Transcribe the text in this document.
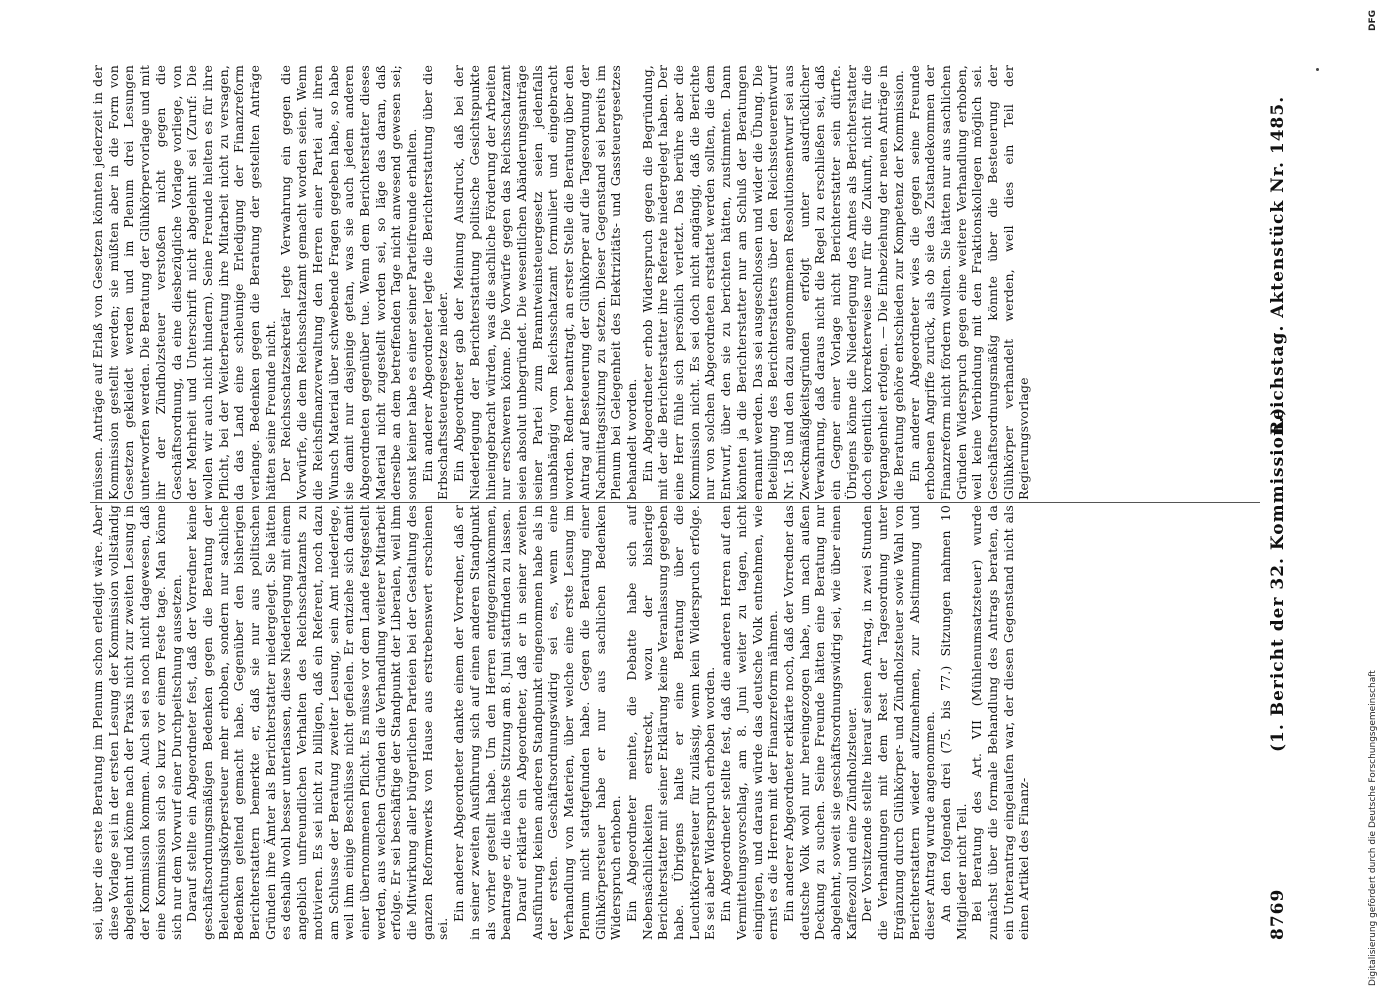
8769
(1. Bericht der 32. Kommission.)
Reichstag. Aktenstück Nr. 1485.

sei, über die erste Beratung im Plenum schon erledigt wäre. Aber diese Vorlage sei in der ersten Lesung der Kommission vollständig abgelehnt und könne nach der Praxis nicht zur zweiten Lesung in der Kommission kommen. Auch sei es noch nicht dagewesen, daß eine Kommission sich so kurz vor einem Feste tage. Man könne sich nur dem Vorwurf einer Durchpeitschung aussetzen. Darauf stellte ein Abgeordneter fest, daß der Vorredner keine geschäftsordnungsmäßigen Bedenken gegen die Beratung der Beleuchtungskörpersteuer mehr erhoben, sondern nur sachliche Bedenken geltend gemacht habe. Gegenüber den bisherigen Berichterstattern bemerkte er, daß sie nur aus politischen Gründen ihre Ämter als Berichterstatter niedergelegt. Sie hätten es deshalb wohl besser unterlassen, diese Niederlegung mit einem angeblich unfreundlichen Verhalten des Reichsschatzamts zu motivieren. Es sei nicht zu billigen, daß ein Referent, noch dazu am Schlusse der Beratung zweiter Lesung, sein Amt niederlege, weil ihm einige Beschlüsse nicht gefielen. Er entziehe sich damit einer übernommenen Pflicht. Es müsse vor dem Lande festgestellt werden, aus welchen Gründen die Verhandlung weiterer Mitarbeit erfolge. Er sei beschäftige der Standpunkt der Liberalen, weil ihm die Mitwirkung aller bürgerlichen Parteien bei der Gestaltung des ganzen Reformwerks von Hause aus erstrebenswert erschienen sei.

Ein anderer Abgeordneter dankte einem der Vorredner, daß er in seiner zweiten Ausführung sich auf einen anderen Standpunkt als vorher gestellt habe. Um den Herren entgegenzukommen, beantrage er, die nächste Sitzung am 8. Juni stattfinden zu lassen. Darauf erklärte ein Abgeordneter, daß er in seiner zweiten Ausführung keinen anderen Standpunkt eingenommen habe als in der ersten. Geschäftsordnungswidrig sei es, wenn eine Verhandlung von Materien, über welche eine erste Lesung im Plenum nicht stattgefunden habe. Gegen die Beratung einer Glühkörpersteuer habe er nur aus sachlichen Bedenken Widerspruch erhoben. Ein Abgeordneter meinte, die Debatte habe sich auf Nebensächlichkeiten erstreckt, wozu der bisherige Berichterstatter mit seiner Erklärung keine Veranlassung gegeben habe. Übrigens halte er eine Beratung über die Leuchtkörpersteuer für zulässig, wenn kein Widerspruch erfolge. Es sei aber Widerspruch erhoben worden. Ein Abgeordneter stellte fest, daß die anderen Herren auf den Vermittelungsvorschlag, am 8. Juni weiter zu tagen, nicht eingingen, und daraus würde das deutsche Volk entnehmen, wie ernst es die Herren mit der Finanzreform nähmen. Ein anderer Abgeordneter erklärte noch, daß der Vorredner das deutsche Volk wohl nur hereingezogen habe, um nach außen Deckung zu suchen. Seine Freunde hätten eine Beratung nur abgelehnt, soweit sie geschäftsordnungswidrig sei, wie über einen Kaffeezoll und eine Zündholzsteuer. Der Vorsitzende stellte hierauf seinen Antrag, in zwei Stunden die Verhandlungen mit dem Rest der Tagesordnung unter Ergänzung durch Glühkörper- und Zündholzsteuer sowie Wahl von Berichterstattern wieder aufzunehmen, zur Abstimmung und dieser Antrag wurde angenommen. An den folgenden drei (75. bis 77.) Sitzungen nahmen 10 Mitglieder nicht Teil. Bei Beratung des Art. VII (Mühlenumsatzsteuer) wurde zunächst über die formale Behandlung des Antrags beraten, da ein Unterantrag eingelaufen war, der diesen Gegenstand nicht als einen Artikel des Finanz-

müssen. Anträge auf Erlaß von Gesetzen könnten jederzeit in der Kommission gestellt werden; sie müßten aber in die Form von Gesetzen gekleidet werden und im Plenum drei Lesungen unterworfen werden. Die Beratung der Glühkörpervorlage und mit ihr der Zündholzsteuer verstoßen nicht gegen die Geschäftsordnung, da eine diesbezügliche Vorlage vorliege, von der Mehrheit und Unterschrift nicht abgelehnt sei (Zuruf: Die wollen wir auch nicht hindern). Seine Freunde hielten es für ihre Pflicht, bei der Weiterberatung ihre Mitarbeit nicht zu versagen, da das Land eine schleunige Erledigung der Finanzreform verlange. Bedenken gegen die Beratung der gestellten Anträge hätten seine Freunde nicht. Der Reichsschatzsekretär legte Verwahrung ein gegen die Vorwürfe, die dem Reichsschatzamt gemacht worden seien. Wenn die Reichsfinanzverwaltung den Herren einer Partei auf ihren Wunsch Material über schwebende Fragen gegeben habe, so habe sie damit nur dasjenige getan, was sie auch jedem anderen Abgeordneten gegenüber tue. Wenn dem Berichterstatter dieses Material nicht zugestellt worden sei, so läge das daran, daß derselbe an dem betreffenden Tage nicht anwesend gewesen sei; sonst keiner habe es einer seiner Parteifreunde erhalten. Ein anderer Abgeordneter legte die Berichterstattung über die Erbschaftssteuergesetze nieder. Ein Abgeordneter gab der Meinung Ausdruck, daß bei der Niederlegung der Berichterstattung politische Gesichtspunkte hineingebracht würden, was die sachliche Förderung der Arbeiten nur erschweren könne. Die Vorwürfe gegen das Reichsschatzamt seien absolut unbegründet. Die wesentlichen Abänderungsanträge seiner Partei zum Branntweinsteuergesetz seien jedenfalls unabhängig vom Reichsschatzamt formuliert und eingebracht worden. Redner beantragt, an erster Stelle die Beratung über den Antrag auf Besteuerung der Glühkörper auf die Tagesordnung der Nachmittagssitzung zu setzen. Dieser Gegenstand sei bereits im Plenum bei Gelegenheit des Elektrizitäts- und Gassteuergesetzes behandelt worden. Ein Abgeordneter erhob Widerspruch gegen die Begründung, mit der die Berichterstatter ihre Referate niedergelegt haben. Der eine Herr fühle sich persönlich verletzt. Das berühre aber die Kommission nicht. Es sei doch nicht angängig, daß die Berichte nur von solchen Abgeordneten erstattet werden sollten, die dem Entwurf, über den sie zu berichten hätten, zustimmten. Dann könnten ja die Berichterstatter nur am Schluß der Beratungen ernannt werden. Das sei ausgeschlossen und wider die Übung. Die Beteiligung des Berichterstatters über den Reichssteuerentwurf Nr. 158 und den dazu angenommenen Resolutionsentwurf sei aus Zweckmäßigkeitsgründen erfolgt unter ausdrücklicher Verwahrung, daß daraus nicht die Regel zu erschließen sei, daß ein Gegner einer Vorlage nicht Berichterstatter sein dürfte. Übrigens könne die Niederlegung des Amtes als Berichterstatter doch eigentlich korrekterweise nur für die Zukunft, nicht für die Vergangenheit erfolgen. — Die Einbeziehung der neuen Anträge in die Beratung gehöre entschieden zur Kompetenz der Kommission. Ein anderer Abgeordneter wies die gegen seine Freunde erhobenen Angriffe zurück, als ob sie das Zustandekommen der Finanzreform nicht fördern wollten. Sie hätten nur aus sachlichen Gründen Widerspruch gegen eine weitere Verhandlung erhoben, weil keine Verbindung mit den Fraktionskollegen möglich sei. Geschäftsordnungsmäßig könnte über die Besteuerung der Glühkörper verhandelt werden, weil dies ein Teil der Regierungsvorlage

Digitalisierung gefördert durch die Deutsche Forschungsgemeinschaft
DFG
